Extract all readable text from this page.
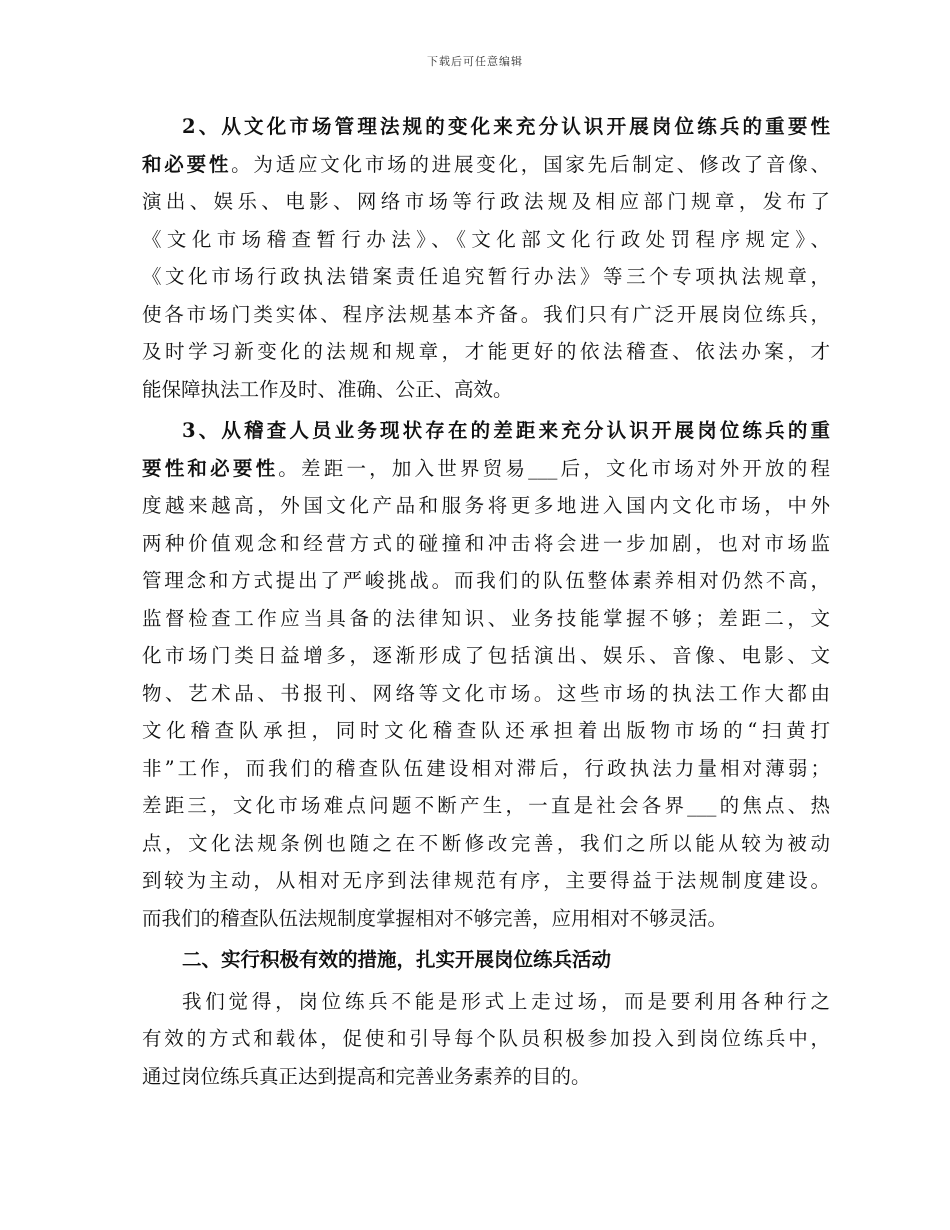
下载后可任意编辑
2、从文化市场管理法规的变化来充分认识开展岗位练兵的重要性
和必要性。为适应文化市场的进展变化，国家先后制定、修改了音像、
演出、娱乐、电影、网络市场等行政法规及相应部门规章，发布了
《文化市场稽查暂行办法》、《文化部文化行政处罚程序规定》、
《文化市场行政执法错案责任追究暂行办法》等三个专项执法规章，
使各市场门类实体、程序法规基本齐备。我们只有广泛开展岗位练兵，
及时学习新变化的法规和规章，才能更好的依法稽查、依法办案，才
能保障执法工作及时、准确、公正、高效。
3、从稽查人员业务现状存在的差距来充分认识开展岗位练兵的重
要性和必要性。差距一，加入世界贸易___后，文化市场对外开放的程
度越来越高，外国文化产品和服务将更多地进入国内文化市场，中外
两种价值观念和经营方式的碰撞和冲击将会进一步加剧，也对市场监
管理念和方式提出了严峻挑战。而我们的队伍整体素养相对仍然不高，
监督检查工作应当具备的法律知识、业务技能掌握不够；差距二，文
化市场门类日益增多，逐渐形成了包括演出、娱乐、音像、电影、文
物、艺术品、书报刊、网络等文化市场。这些市场的执法工作大都由
文化稽查队承担，同时文化稽查队还承担着出版物市场的“扫黄打
非”工作，而我们的稽查队伍建设相对滞后，行政执法力量相对薄弱；
差距三，文化市场难点问题不断产生，一直是社会各界___的焦点、热
点，文化法规条例也随之在不断修改完善，我们之所以能从较为被动
到较为主动，从相对无序到法律规范有序，主要得益于法规制度建设。
而我们的稽查队伍法规制度掌握相对不够完善，应用相对不够灵活。
二、实行积极有效的措施，扎实开展岗位练兵活动
我们觉得，岗位练兵不能是形式上走过场，而是要利用各种行之
有效的方式和载体，促使和引导每个队员积极参加投入到岗位练兵中，
通过岗位练兵真正达到提高和完善业务素养的目的。
